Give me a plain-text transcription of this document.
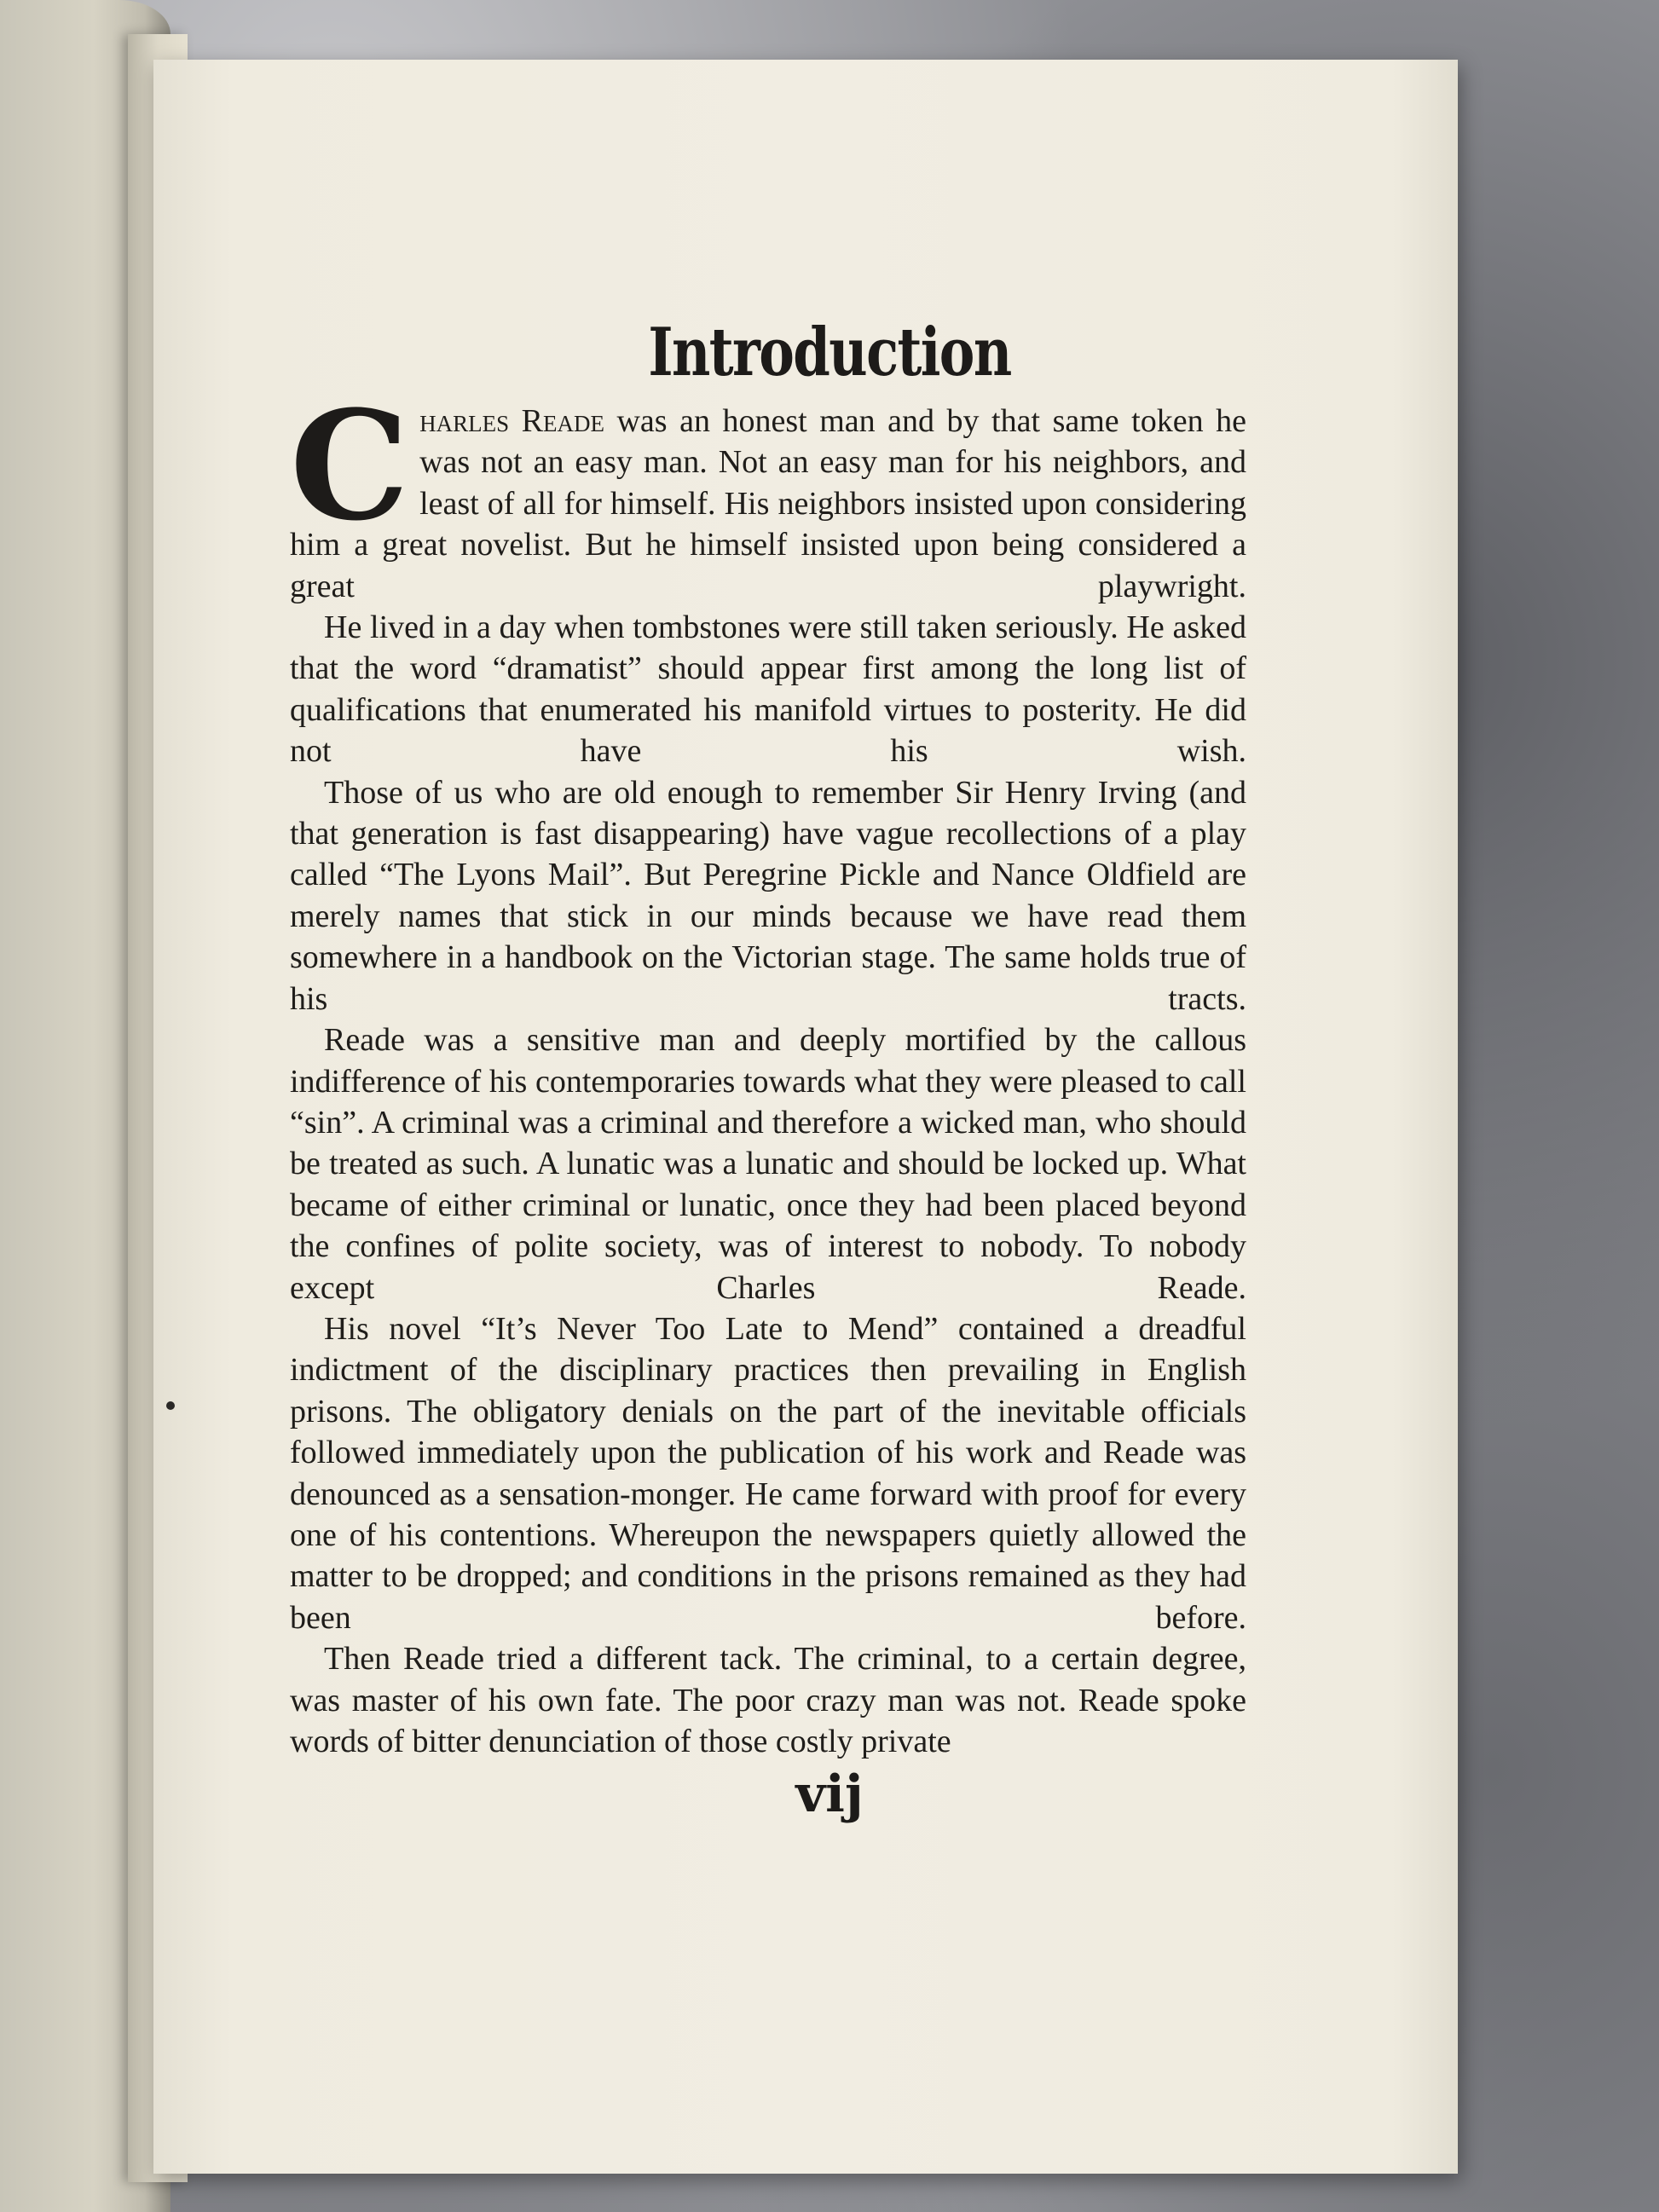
Introduction

Charles Reade was an honest man and by that same token he was not an easy man. Not an easy man for his neighbors, and least of all for himself. His neighbors insisted upon considering him a great novelist. But he himself insisted upon being considered a great playwright.

He lived in a day when tombstones were still taken seriously. He asked that the word “dramatist” should appear first among the long list of qualifications that enumerated his manifold virtues to posterity. He did not have his wish.

Those of us who are old enough to remember Sir Henry Irving (and that generation is fast disappearing) have vague recollections of a play called “The Lyons Mail”. But Peregrine Pickle and Nance Oldfield are merely names that stick in our minds because we have read them somewhere in a handbook on the Victorian stage. The same holds true of his tracts.

Reade was a sensitive man and deeply mortified by the callous indifference of his contemporaries towards what they were pleased to call “sin”. A criminal was a criminal and therefore a wicked man, who should be treated as such. A lunatic was a lunatic and should be locked up. What became of either criminal or lunatic, once they had been placed beyond the confines of polite society, was of interest to nobody. To nobody except Charles Reade.

His novel “It’s Never Too Late to Mend” contained a dreadful indictment of the disciplinary practices then prevailing in English prisons. The obligatory denials on the part of the inevitable officials followed immediately upon the publication of his work and Reade was denounced as a sensation-monger. He came forward with proof for every one of his contentions. Whereupon the newspapers quietly allowed the matter to be dropped; and conditions in the prisons remained as they had been before.

Then Reade tried a different tack. The criminal, to a certain degree, was master of his own fate. The poor crazy man was not. Reade spoke words of bitter denunciation of those costly private

vij
